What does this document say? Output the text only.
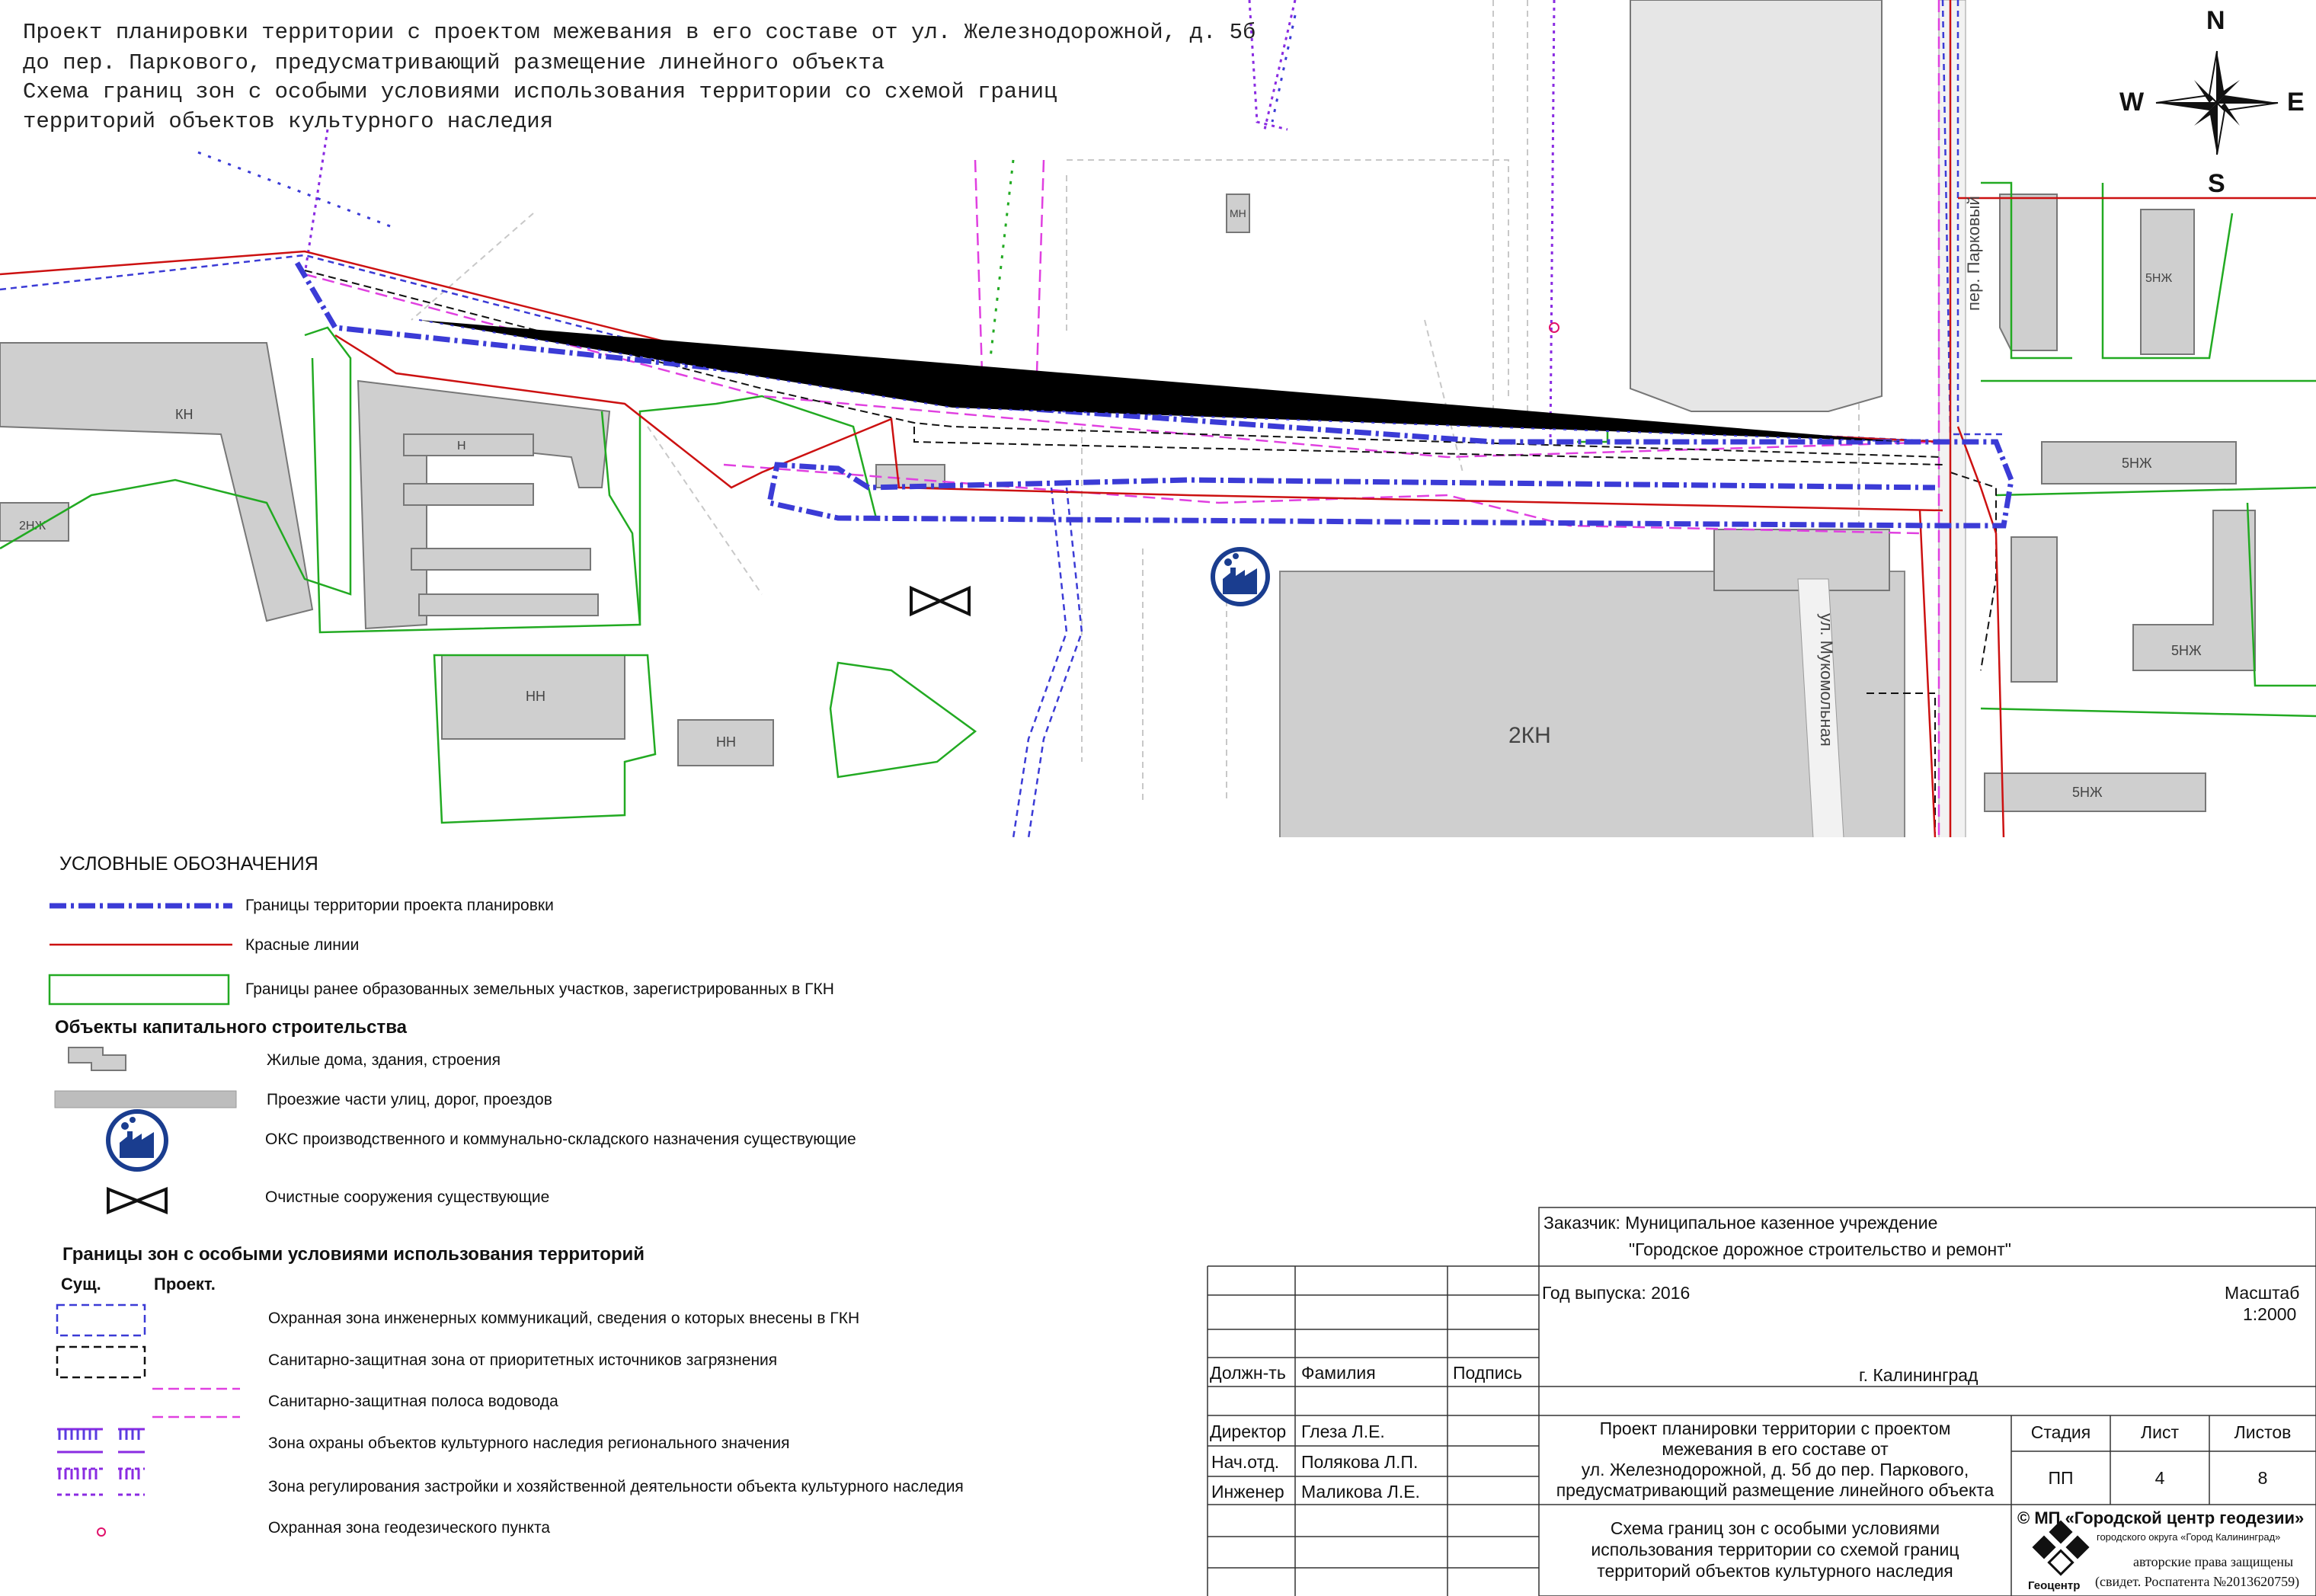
2КН
КН
Н
НН
НН
2НЖ
МН
5НЖ
5НЖ
5НЖ
5НЖ
пер. Парковый
ул. Мукомольная
Проект планировки территории с проектом межевания в его составе от ул. Железнодорожной, д. 5б
до пер. Паркового, предусматривающий размещение линейного объекта
Схема границ зон с особыми условиями использования территории со схемой границ
территорий объектов культурного наследия
N
W	E
S
УСЛОВНЫЕ ОБОЗНАЧЕНИЯ
Границы территории проекта планировки
Красные линии
Границы ранее образованных земельных участков, зарегистрированных в ГКН
Объекты капитального строительства
Жилые дома, здания, строения
Проезжие части улиц, дорог, проездов
ОКС производственного и коммунально-складского назначения существующие
Очистные сооружения существующие
Границы зон с особыми условиями использования территорий
Сущ.	Проект.
Охранная зона инженерных коммуникаций, сведения о которых внесены в ГКН
Санитарно-защитная зона от приоритетных источников загрязнения
Санитарно-защитная полоса водовода
Зона охраны объектов культурного наследия регионального значения
Зона регулирования застройки и хозяйственной деятельности объекта культурного наследия
Охранная зона геодезического пункта
Заказчик: Муниципальное казенное учреждение
"Городское дорожное строительство и ремонт"
Год выпуска: 2016	Масштаб
1:2000
г. Калининград
Должн-ть Фамилия	Подпись
Директор Глеза Л.Е.
Нач.отд. Полякова Л.П.
Инженер Маликова Л.Е.
Проект планировки территории с проектом
межевания в его составе от
ул. Железнодорожной, д. 5б до пер. Паркового,
предусматривающий размещение линейного объекта
Стадия	Лист	Листов
ПП	4	8
Схема границ зон с особыми условиями
использования территории со схемой границ
территорий объектов культурного наследия
© МП «Городской центр геодезии»
городского округа «Город Калининград»
Геоцентр
авторские права защищены
(свидет. Роспатента №2013620759)
